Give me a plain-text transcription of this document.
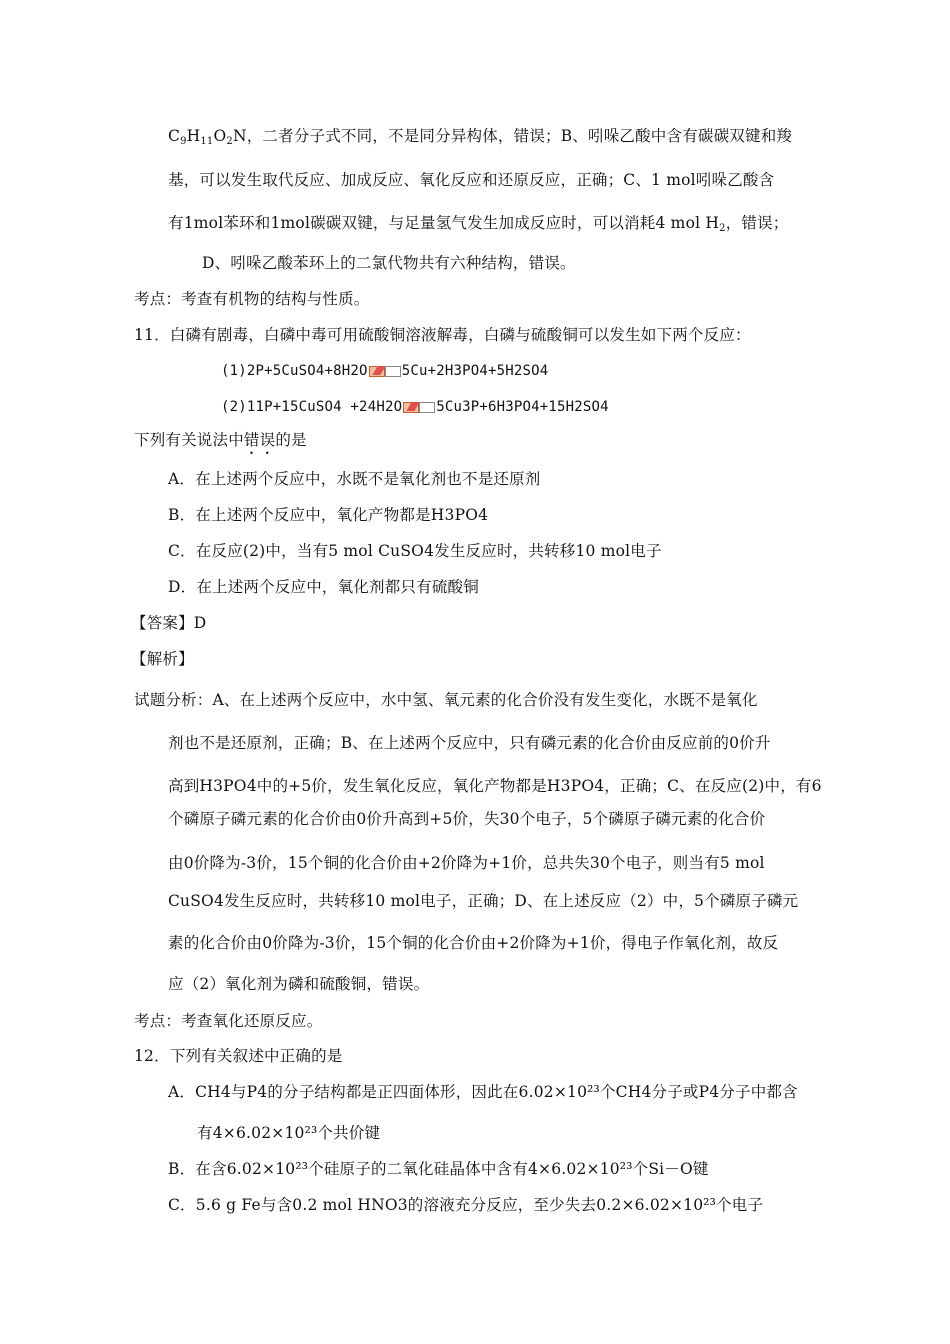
$C_9H_{11}O_2N$，二者分子式不同，不是同分异构体，错误；B、吲哚乙酸中含有碳碳双键和羧
基，可以发生取代反应、加成反应、氧化反应和还原反应，正确；C、1 mol吲哚乙酸含
有1mol苯环和1mol碳碳双键，与足量氢气发生加成反应时，可以消耗4 mol $H_2$，错误；
D、吲哚乙酸苯环上的二氯代物共有六种结构，错误。
考点：考查有机物的结构与性质。
11．白磷有剧毒，白磷中毒可用硫酸铜溶液解毒，白磷与硫酸铜可以发生如下两个反应：
(1)2P+5CuSO4+8H2O 5Cu+2H3PO4+5H2SO4
(2)11P+15CuSO4 +24H2O 5Cu3P+6H3PO4+15H2SO4
下列有关说法中错误的是
A．在上述两个反应中，水既不是氧化剂也不是还原剂
B．在上述两个反应中，氧化产物都是H3PO4
C．在反应(2)中，当有5 mol CuSO4发生反应时，共转移10 mol电子
D．在上述两个反应中，氧化剂都只有硫酸铜
【答案】D
【解析】
试题分析：A、在上述两个反应中，水中氢、氧元素的化合价没有发生变化，水既不是氧化
剂也不是还原剂，正确；B、在上述两个反应中，只有磷元素的化合价由反应前的0价升
高到H3PO4中的+5价，发生氧化反应，氧化产物都是H3PO4，正确；C、在反应(2)中，有6
个磷原子磷元素的化合价由0价升高到+5价，失30个电子，5个磷原子磷元素的化合价
由0价降为-3价，15个铜的化合价由+2价降为+1价，总共失30个电子，则当有5 mol
CuSO4发生反应时，共转移10 mol电子，正确；D、在上述反应（2）中，5个磷原子磷元
素的化合价由0价降为-3价，15个铜的化合价由+2价降为+1价，得电子作氧化剂，故反
应（2）氧化剂为磷和硫酸铜，错误。
考点：考查氧化还原反应。
12．下列有关叙述中正确的是
A．CH4与P4的分子结构都是正四面体形，因此在6.02×10²³个CH4分子或P4分子中都含
有4×6.02×10²³个共价键
B．在含6.02×10²³个硅原子的二氧化硅晶体中含有4×6.02×10²³个Si－O键
C．5.6 g Fe与含0.2 mol HNO3的溶液充分反应，至少失去0.2×6.02×10²³个电子
